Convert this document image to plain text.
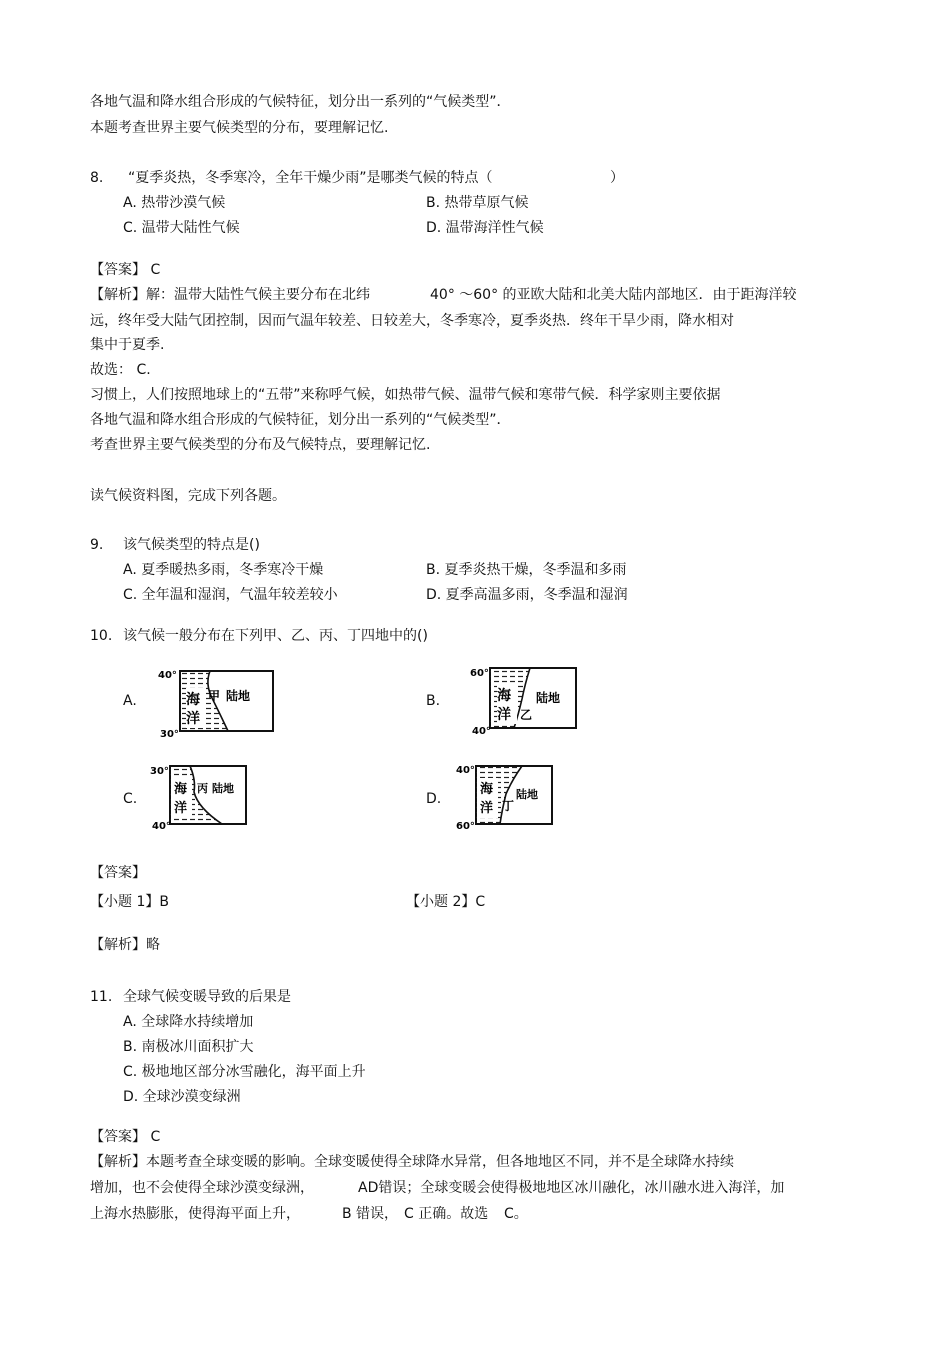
各地气温和降水组合形成的气候特征，划分出一系列的“气候类型”．
本题考查世界主要气候类型的分布，要理解记忆.
8. “夏季炎热，冬季寒冷，全年干燥少雨”是哪类气候的特点（	）
A. 热带沙漠气候	B. 热带草原气候
C. 温带大陆性气候	D. 温带海洋性气候
【答案】 C
【解析】解：温带大陆性气候主要分布在北纬	40° ～60° 的亚欧大陆和北美大陆内部地区．由于距海洋较
远，终年受大陆气团控制，因而气温年较差、日较差大，冬季寒冷，夏季炎热．终年干旱少雨，降水相对
集中于夏季.
故选： C.
习惯上，人们按照地球上的“五带”来称呼气候，如热带气候、温带气候和寒带气候．科学家则主要依据
各地气温和降水组合形成的气候特征，划分出一系列的“气候类型”．
考查世界主要气候类型的分布及气候特点，要理解记忆.
读气候资料图，完成下列各题。
9. 该气候类型的特点是()
A. 夏季暖热多雨，冬季寒冷干燥	B. 夏季炎热干燥，冬季温和多雨
C. 全年温和湿润，气温年较差较小	D. 夏季高温多雨，冬季温和湿润
10. 该气候一般分布在下列甲、乙、丙、丁四地中的()
A.	B.
C.	D.
海
洋
甲 陆地
40°
30°
海
洋 乙
陆地
60°
40°
海
洋
丙 陆地
30°
40°
海
洋 丁
陆地
40°
60°
【答案】
【小题 1】B	【小题 2】C
【解析】略
11. 全球气候变暖导致的后果是
A. 全球降水持续增加
B. 南极冰川面积扩大
C. 极地地区部分冰雪融化，海平面上升
D. 全球沙漠变绿洲
【答案】 C
【解析】本题考查全球变暖的影响。全球变暖使得全球降水异常，但各地地区不同，并不是全球降水持续
增加，也不会使得全球沙漠变绿洲，	AD错误；全球变暖会使得极地地区冰川融化，冰川融水进入海洋，加
上海水热膨胀，使得海平面上升，	B 错误， C 正确。故选 C。
